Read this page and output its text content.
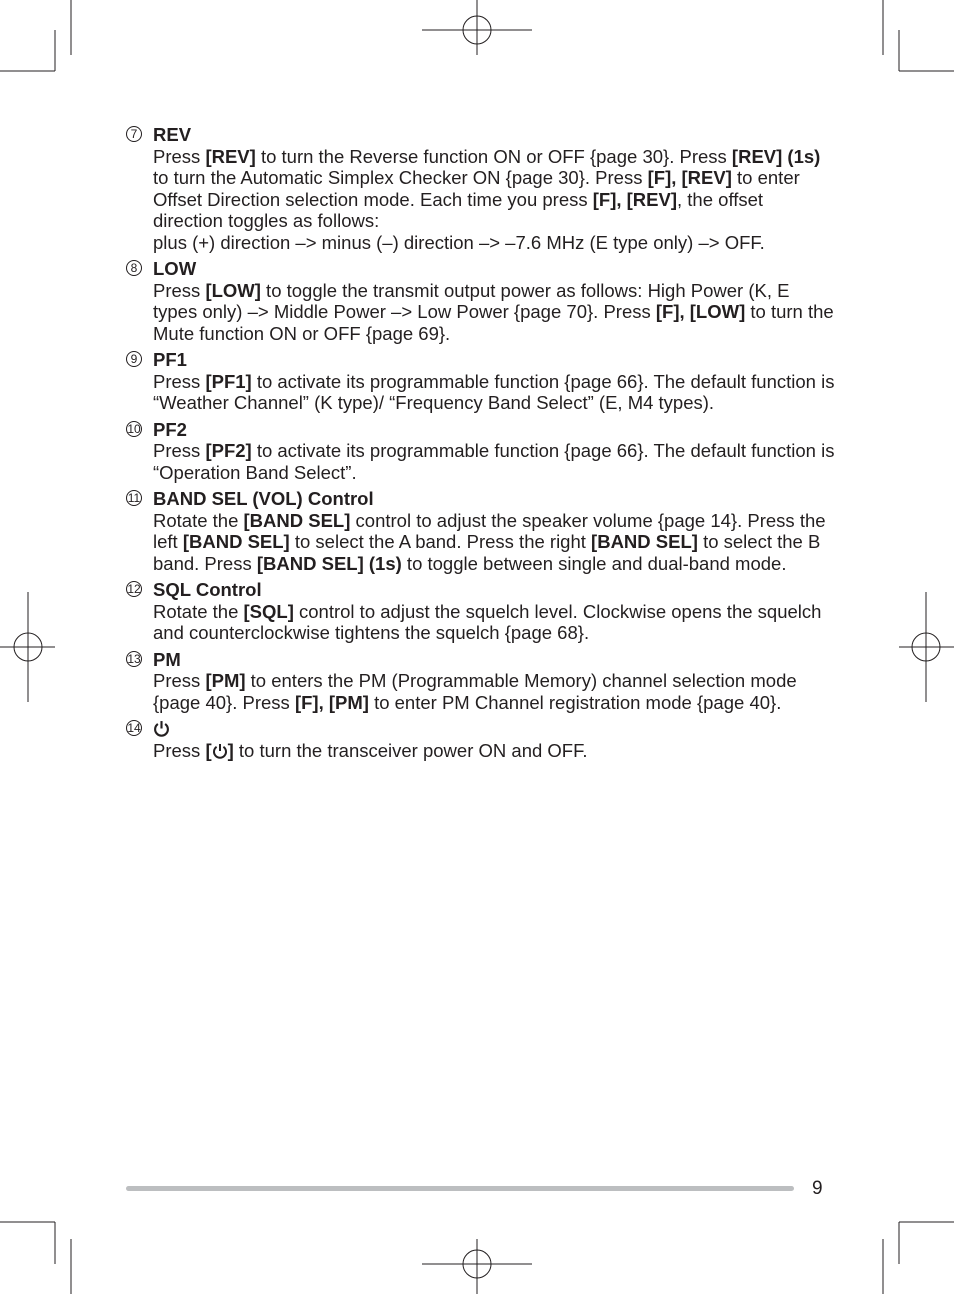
7 REV
Press [REV] to turn the Reverse function ON or OFF {page 30}. Press [REV] (1s) to turn the Automatic Simplex Checker ON {page 30}. Press [F], [REV] to enter Offset Direction selection mode. Each time you press [F], [REV], the offset direction toggles as follows:
plus (+) direction –> minus (–) direction –> –7.6 MHz (E type only) –> OFF.
8 LOW
Press [LOW] to toggle the transmit output power as follows: High Power (K, E types only) –> Middle Power –> Low Power {page 70}. Press [F], [LOW] to turn the Mute function ON or OFF {page 69}.
9 PF1
Press [PF1] to activate its programmable function {page 66}. The default function is “Weather Channel” (K type)/ “Frequency Band Select” (E, M4 types).
10 PF2
Press [PF2] to activate its programmable function {page 66}. The default function is “Operation Band Select”.
11 BAND SEL (VOL) Control
Rotate the [BAND SEL] control to adjust the speaker volume {page 14}. Press the left [BAND SEL] to select the A band. Press the right [BAND SEL] to select the B band. Press [BAND SEL] (1s) to toggle between single and dual-band mode.
12 SQL Control
Rotate the [SQL] control to adjust the squelch level. Clockwise opens the squelch and counterclockwise tightens the squelch {page 68}.
13 PM
Press [PM] to enters the PM (Programmable Memory) channel selection mode {page 40}. Press [F], [PM] to enter PM Channel registration mode {page 40}.
14
Press [ ] to turn the transceiver power ON and OFF.
9
